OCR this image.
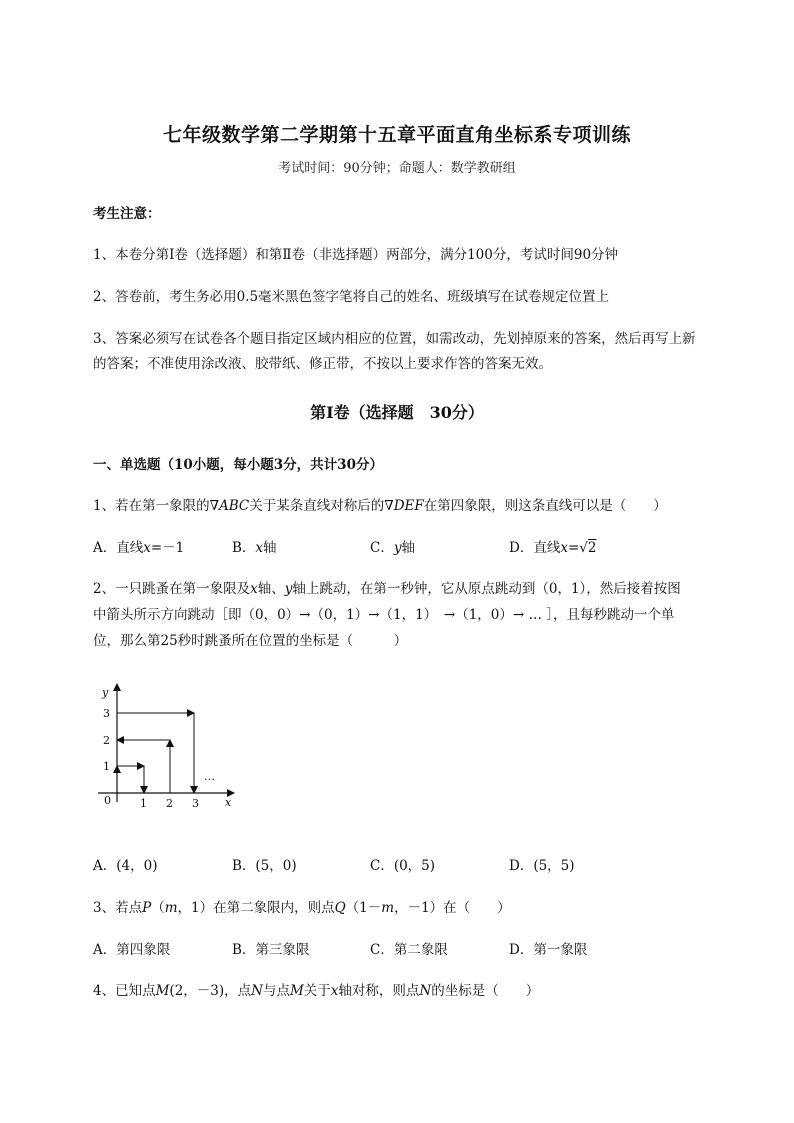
七年级数学第二学期第十五章平面直角坐标系专项训练
考试时间：90分钟；命题人：数学教研组
考生注意：
1、本卷分第I卷（选择题）和第Ⅱ卷（非选择题）两部分，满分100分，考试时间90分钟
2、答卷前，考生务必用0.5毫米黑色签字笔将自己的姓名、班级填写在试卷规定位置上
3、答案必须写在试卷各个题目指定区域内相应的位置，如需改动，先划掉原来的答案，然后再写上新
的答案；不准使用涂改液、胶带纸、修正带，不按以上要求作答的答案无效。
第I卷（选择题　30分）
一、单选题（10小题，每小题3分，共计30分）
1、若在第一象限的∇ABC关于某条直线对称后的∇DEF在第四象限，则这条直线可以是（　　）
A．直线x=－1	B．x轴	C．y轴	D．直线x=√2
2、一只跳蚤在第一象限及x轴、y轴上跳动，在第一秒钟，它从原点跳动到（0，1），然后接着按图
中箭头所示方向跳动［即（0，0）→（0，1）→（1，1）　→（1，0）→ … ］，且每秒跳动一个单
位，那么第25秒时跳蚤所在位置的坐标是（　　　）
y
x
0
1
2
3
1 2 3
…
A．(4，0)	B．(5，0)	C．(0，5)	D．(5，5)
3、若点P（m，1）在第二象限内，则点Q（1－m，－1）在（　　）
A．第四象限	B．第三象限	C．第二象限	D．第一象限
4、已知点M(2，－3)，点N与点M关于x轴对称，则点N的坐标是（　　）
